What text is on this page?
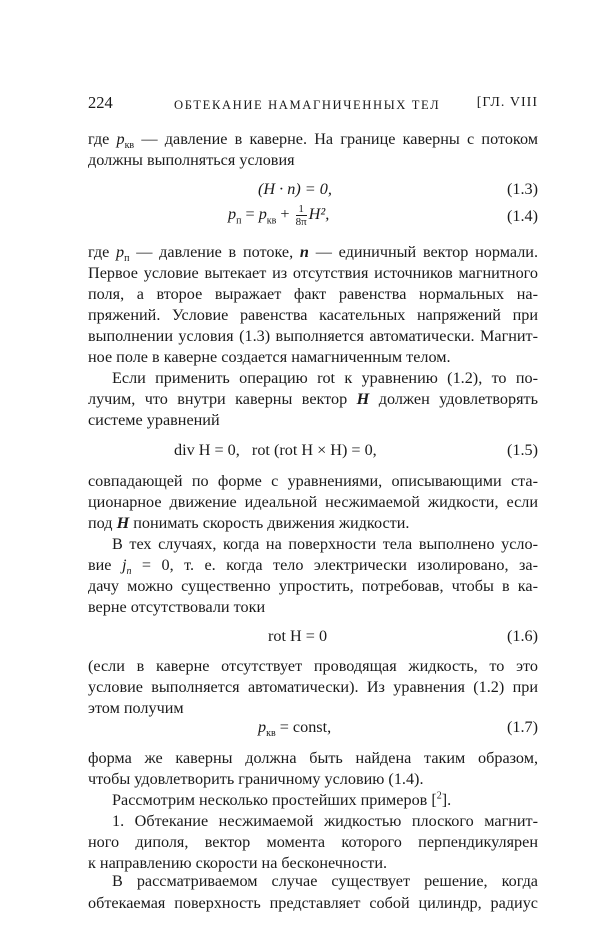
224	ОБТЕКАНИЕ НАМАГНИЧЕННЫХ ТЕЛ	[ГЛ. VIII
где $p_{кв}$ — давление в каверне. На границе каверны с потоком
должны выполняться условия
(H · n) = 0,	(1.3)
$p_п = p_{кв} + \frac{1}{8\pi} H^2$,	(1.4)
где $p_п$ — давление в потоке, n — единичный вектор нормали.
Первое условие вытекает из отсутствия источников магнитного
поля, а второе выражает факт равенства нормальных на-
пряжений. Условие равенства касательных напряжений при
выполнении условия (1.3) выполняется автоматически. Магнит-
ное поле в каверне создается намагниченным телом.
Если применить операцию rot к уравнению (1.2), то по-
лучим, что внутри каверны вектор H должен удовлетворять
системе уравнений
div H = 0,   rot (rot H × H) = 0,	(1.5)
совпадающей по форме с уравнениями, описывающими ста-
ционарное движение идеальной несжимаемой жидкости, если
под H понимать скорость движения жидкости.
В тех случаях, когда на поверхности тела выполнено усло-
вие $j_n = 0$, т. е. когда тело электрически изолировано, за-
дачу можно существенно упростить, потребовав, чтобы в ка-
верне отсутствовали токи
rot H = 0	(1.6)
(если в каверне отсутствует проводящая жидкость, то это
условие выполняется автоматически). Из уравнения (1.2) при
этом получим
$p_{кв}$ = const,	(1.7)
форма же каверны должна быть найдена таким образом,
чтобы удовлетворить граничному условию (1.4).
Рассмотрим несколько простейших примеров [$^2$].
1. Обтекание несжимаемой жидкостью плоского магнит-
ного диполя, вектор момента которого перпендикулярен
к направлению скорости на бесконечности.
В рассматриваемом случае существует решение, когда
обтекаемая поверхность представляет собой цилиндр, радиус
